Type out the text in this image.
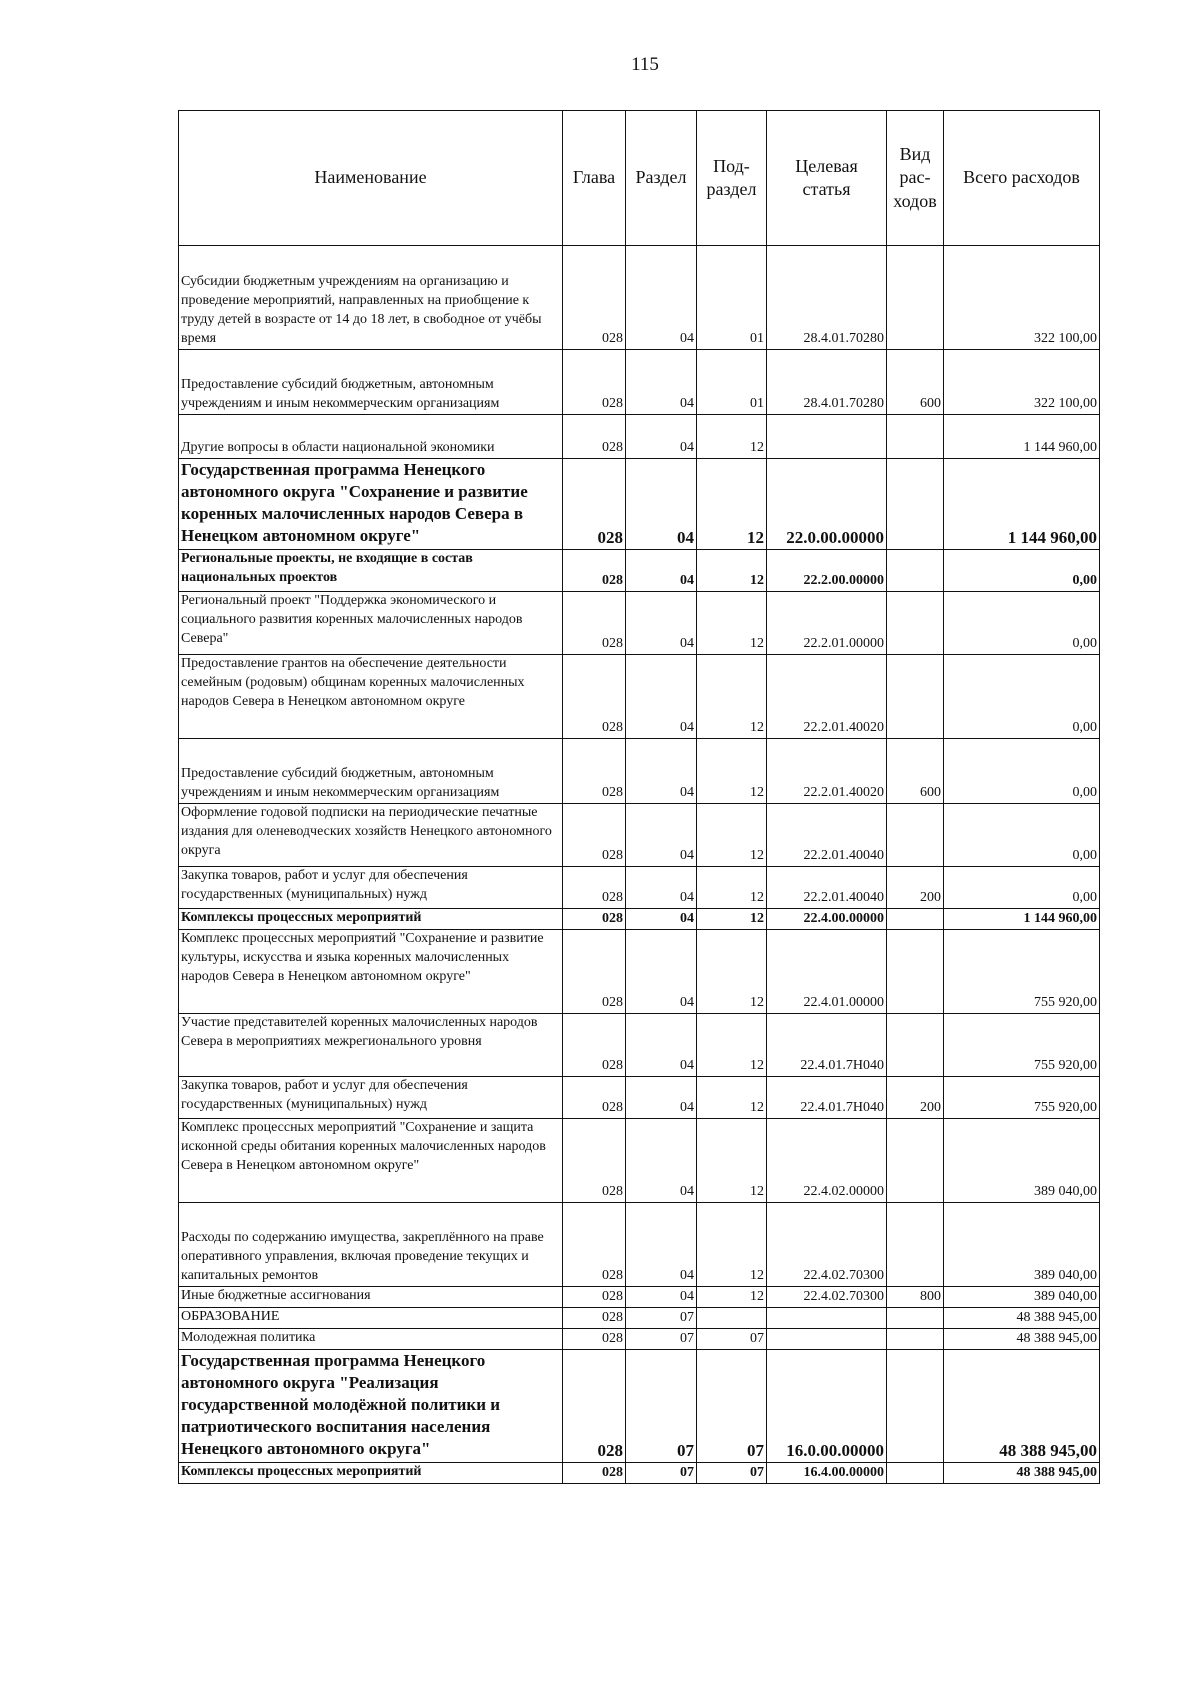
115
Наименование	Глава	Раздел	Под-раздел	Целевая статья	Вид рас-ходов	Всего расходов
Субсидии бюджетным учреждениям на организацию и проведение мероприятий, направленных на приобщение к труду детей в возрасте от 14 до 18 лет, в свободное от учёбы время	028	04	01	28.4.01.70280		322 100,00
Предоставление субсидий бюджетным, автономным учреждениям и иным некоммерческим организациям	028	04	01	28.4.01.70280	600	322 100,00
Другие вопросы в области национальной экономики	028	04	12			1 144 960,00
Государственная программа Ненецкого автономного округа "Сохранение и развитие коренных малочисленных народов Севера в Ненецком автономном округе"	028	04	12	22.0.00.00000		1 144 960,00
Региональные проекты, не входящие в состав национальных проектов	028	04	12	22.2.00.00000		0,00
Региональный проект "Поддержка экономического и социального развития коренных малочисленных народов Севера"	028	04	12	22.2.01.00000		0,00
Предоставление грантов на обеспечение деятельности семейным (родовым) общинам коренных малочисленных народов Севера в Ненецком автономном округе	028	04	12	22.2.01.40020		0,00
Предоставление субсидий бюджетным, автономным учреждениям и иным некоммерческим организациям	028	04	12	22.2.01.40020	600	0,00
Оформление годовой подписки на периодические печатные издания для оленеводческих хозяйств Ненецкого автономного округа	028	04	12	22.2.01.40040		0,00
Закупка товаров, работ и услуг для обеспечения государственных (муниципальных) нужд	028	04	12	22.2.01.40040	200	0,00
Комплексы процессных мероприятий	028	04	12	22.4.00.00000		1 144 960,00
Комплекс процессных мероприятий "Сохранение и развитие культуры, искусства и языка коренных малочисленных народов Севера в Ненецком автономном округе"	028	04	12	22.4.01.00000		755 920,00
Участие представителей коренных малочисленных народов Севера в мероприятиях межрегионального уровня	028	04	12	22.4.01.7Н040		755 920,00
Закупка товаров, работ и услуг для обеспечения государственных (муниципальных) нужд	028	04	12	22.4.01.7Н040	200	755 920,00
Комплекс процессных мероприятий "Сохранение и защита исконной среды обитания коренных малочисленных народов Севера в Ненецком автономном округе"	028	04	12	22.4.02.00000		389 040,00
Расходы по содержанию имущества, закреплённого на праве оперативного управления, включая проведение текущих и капитальных ремонтов	028	04	12	22.4.02.70300		389 040,00
Иные бюджетные ассигнования	028	04	12	22.4.02.70300	800	389 040,00
ОБРАЗОВАНИЕ	028	07				48 388 945,00
Молодежная политика	028	07	07			48 388 945,00
Государственная программа Ненецкого автономного округа "Реализация государственной молодёжной политики и патриотического воспитания населения Ненецкого автономного округа"	028	07	07	16.0.00.00000		48 388 945,00
Комплексы процессных мероприятий	028	07	07	16.4.00.00000		48 388 945,00
